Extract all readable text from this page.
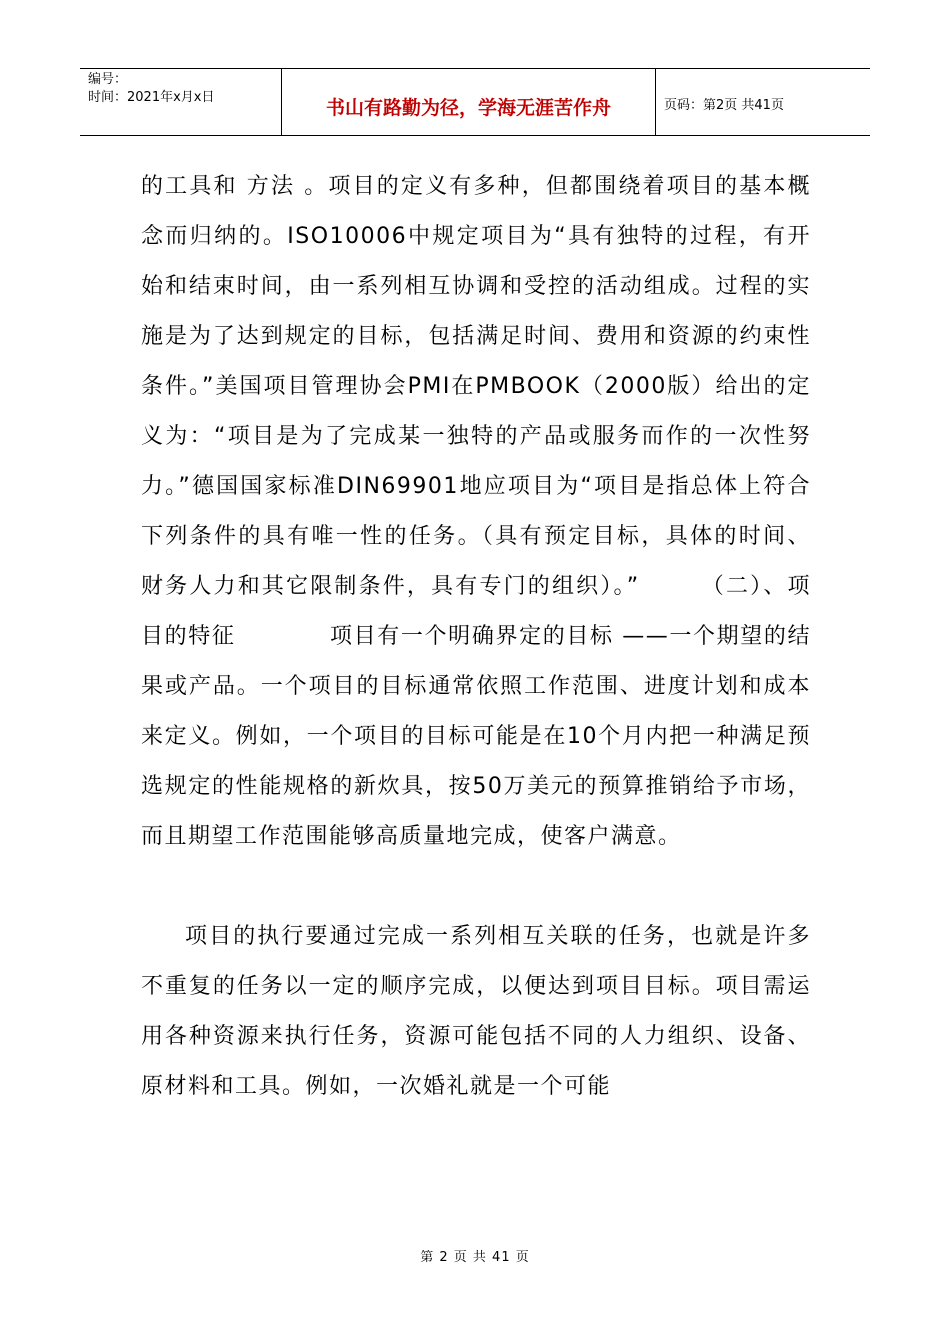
编号：
时间：2021年x月x日	书山有路勤为径，学海无涯苦作舟	页码：第2页 共41页

的工具和 方法 。项目的定义有多种，但都围绕着项目的基本概念而归纳的。ISO10006中规定项目为“具有独特的过程，有开始和结束时间，由一系列相互协调和受控的活动组成。过程的实施是为了达到规定的目标，包括满足时间、费用和资源的约束性条件。”美国项目管理协会PMI在PMBOOK（2000版）给出的定义为：“项目是为了完成某一独特的产品或服务而作的一次性努力。”德国国家标准DIN69901地应项目为“项目是指总体上符合下列条件的具有唯一性的任务。（具有预定目标，具体的时间、财务人力和其它限制条件，具有专门的组织）。”　　　（二）、项目的特征　　　　项目有一个明确界定的目标 ——一个期望的结果或产品。一个项目的目标通常依照工作范围、进度计划和成本来定义。例如，一个项目的目标可能是在10个月内把一种满足预选规定的性能规格的新炊具，按50万美元的预算推销给予市场，而且期望工作范围能够高质量地完成，使客户满意。

项目的执行要通过完成一系列相互关联的任务，也就是许多不重复的任务以一定的顺序完成，以便达到项目目标。项目需运用各种资源来执行任务，资源可能包括不同的人力组织、设备、原材料和工具。例如，一次婚礼就是一个可能

第 2 页 共 41 页
